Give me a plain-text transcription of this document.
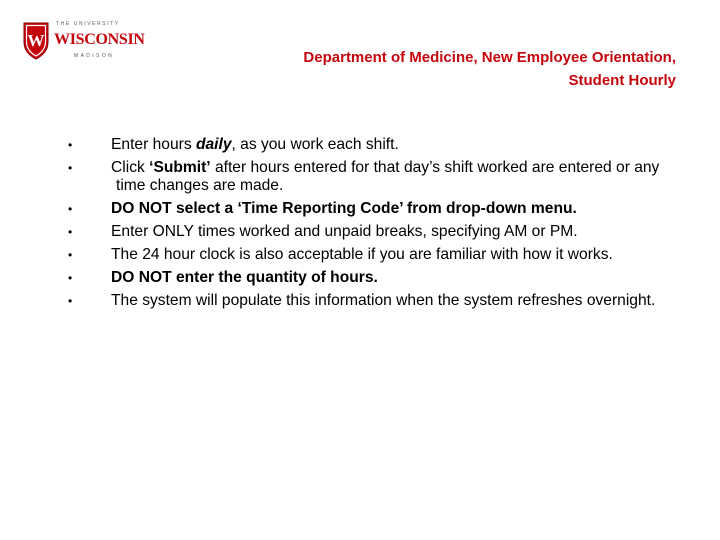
W
THE UNIVERSITY
WISCONSIN
MADISON	Department of Medicine, New Employee Orientation,
Student Hourly
• Enter hours daily, as you work each shift.
• Click ‘Submit’ after hours entered for that day’s shift worked are entered or any time changes are made.
• DO NOT select a ‘Time Reporting Code’ from drop-down menu.
• Enter ONLY times worked and unpaid breaks, specifying AM or PM.
• The 24 hour clock is also acceptable if you are familiar with how it works.
• DO NOT enter the quantity of hours.
• The system will populate this information when the system refreshes overnight.
